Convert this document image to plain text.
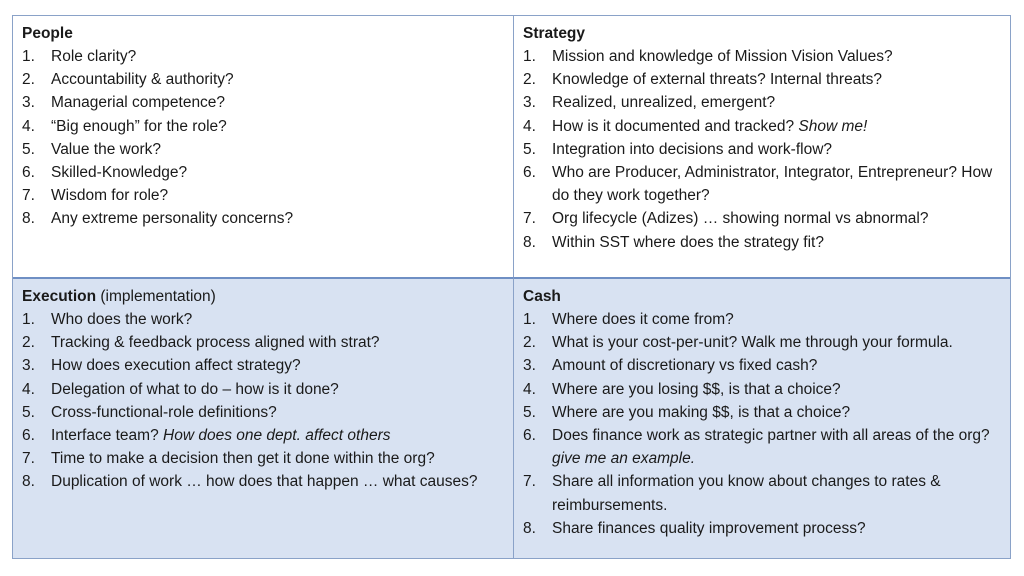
People
1. Role clarity?
2. Accountability & authority?
3. Managerial competence?
4. “Big enough” for the role?
5. Value the work?
6. Skilled-Knowledge?
7. Wisdom for role?
8. Any extreme personality concerns?
Strategy
1. Mission and knowledge of Mission Vision Values?
2. Knowledge of external threats? Internal threats?
3. Realized, unrealized, emergent?
4. How is it documented and tracked? Show me!
5. Integration into decisions and work-flow?
6. Who are Producer, Administrator, Integrator, Entrepreneur? How do they work together?
7. Org lifecycle (Adizes) … showing normal vs abnormal?
8. Within SST where does the strategy fit?
Execution (implementation)
1. Who does the work?
2. Tracking & feedback process aligned with strat?
3. How does execution affect strategy?
4. Delegation of what to do – how is it done?
5. Cross-functional-role definitions?
6. Interface team? How does one dept. affect others
7. Time to make a decision then get it done within the org?
8. Duplication of work … how does that happen … what causes?
Cash
1. Where does it come from?
2. What is your cost-per-unit? Walk me through your formula.
3. Amount of discretionary vs fixed cash?
4. Where are you losing $$, is that a choice?
5. Where are you making $$, is that a choice?
6. Does finance work as strategic partner with all areas of the org? give me an example.
7. Share all information you know about changes to rates & reimbursements.
8. Share finances quality improvement process?
